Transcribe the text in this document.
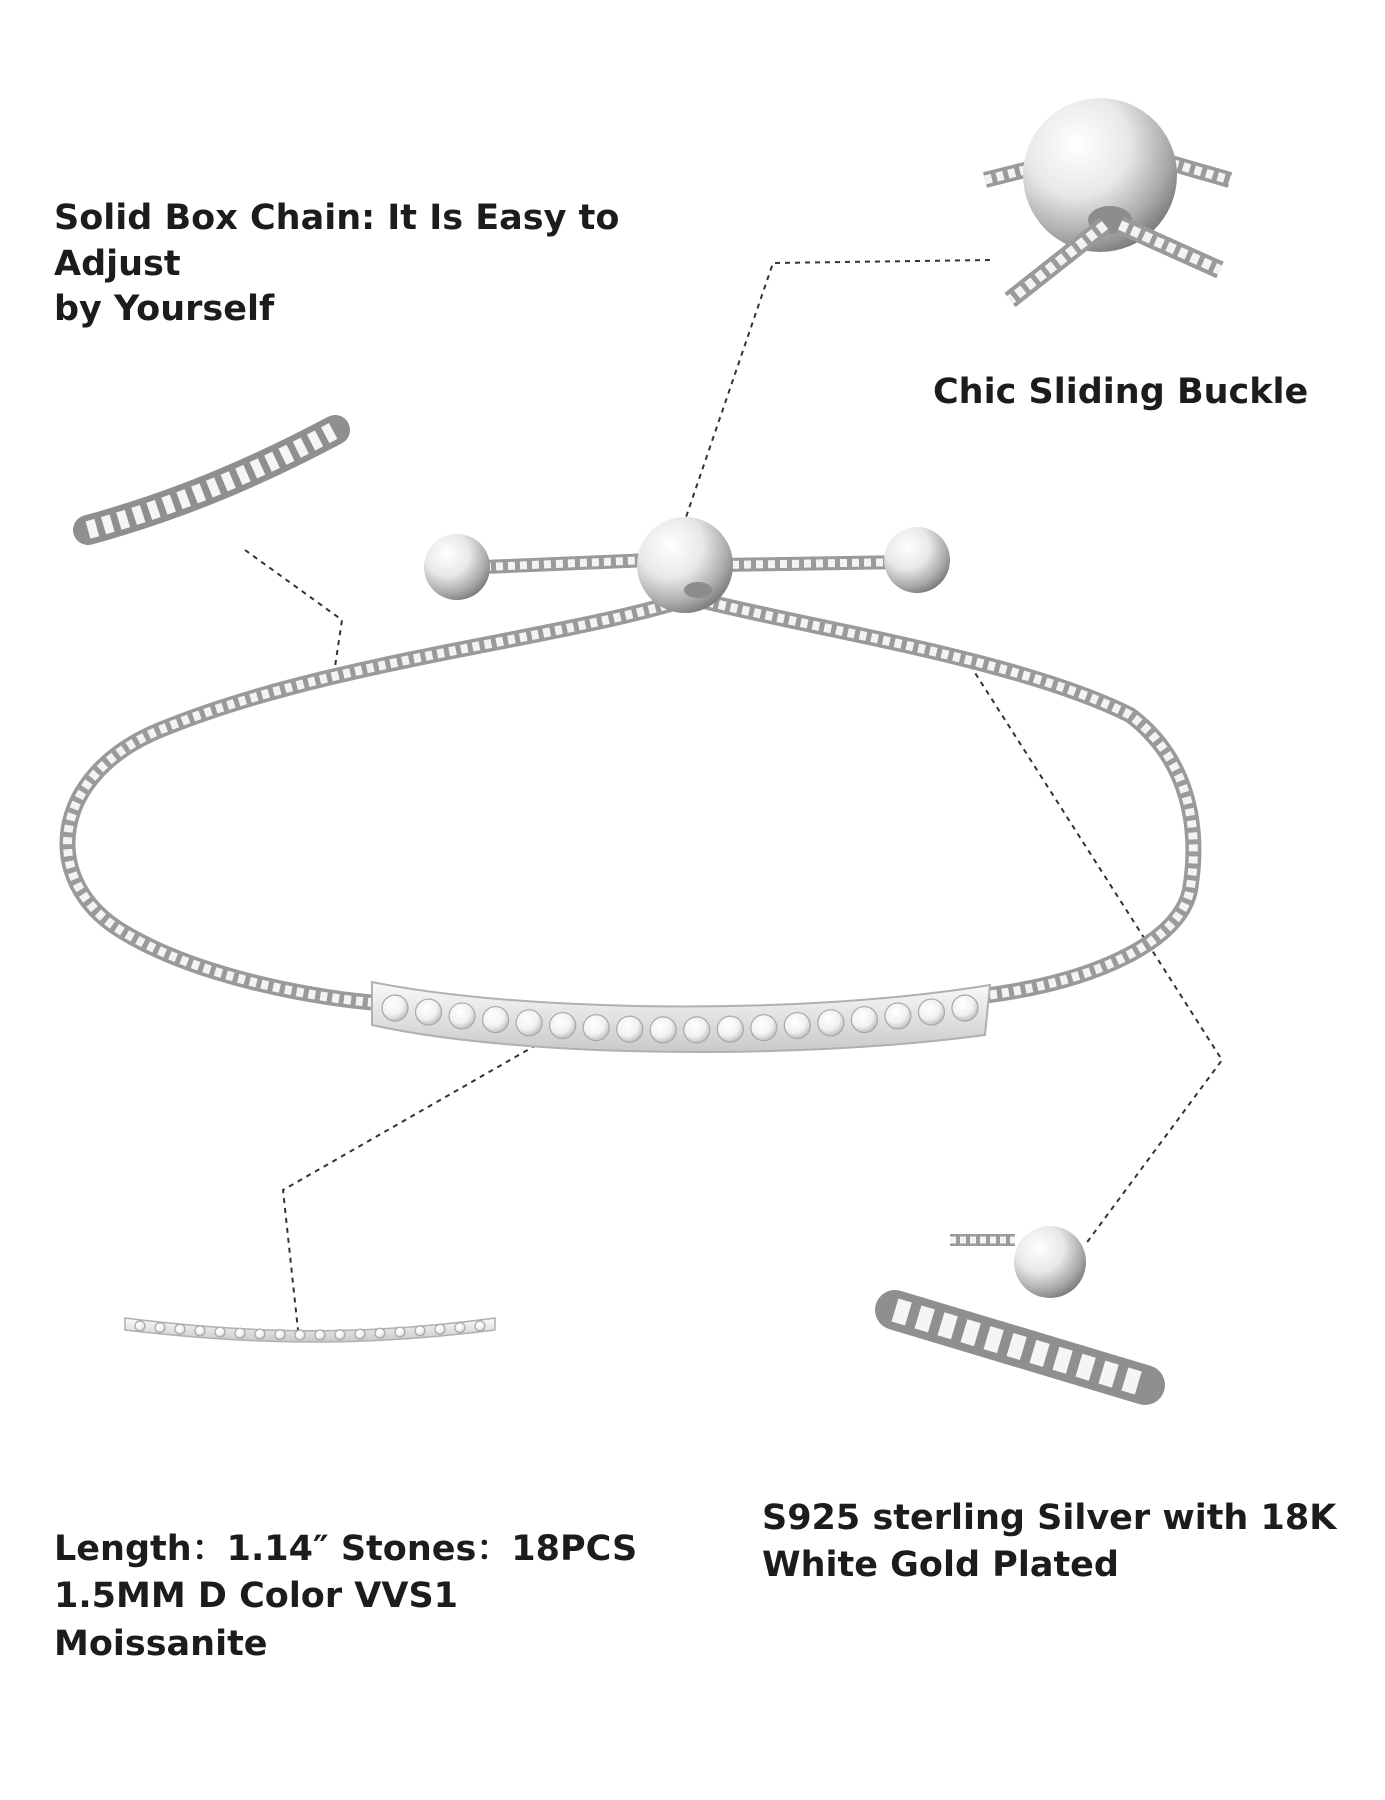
Solid Box Chain: It Is Easy to Adjust
by Yourself
Chic Sliding Buckle
Length：1.14″ Stones：18PCS
1.5MM D Color VVS1
Moissanite
S925 sterling Silver with 18K
White Gold Plated
